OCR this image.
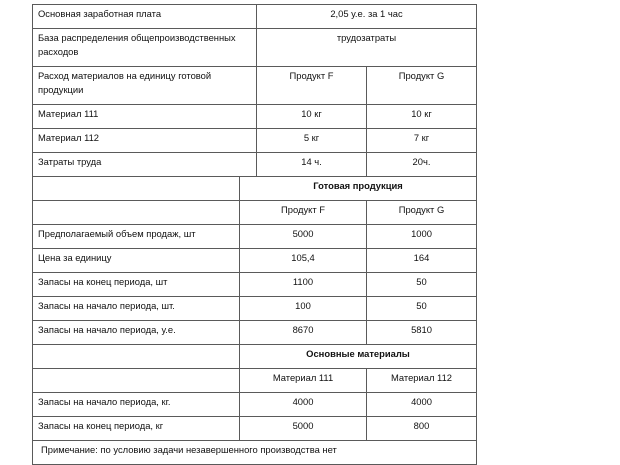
Основная заработная плата		2,05 у.е. за 1 час	
База распределения общепроизводственных расходов		трудозатраты	
Расход материалов на единицу готовой продукции		Продукт F	Продукт G
Материал 111		10 кг	10 кг
Материал 112		5 кг	7 кг
Затраты труда		14 ч.	20ч.
	Готовая продукция		
	Продукт F		Продукт G
Предполагаемый объем продаж, шт	5000		1000
Цена за единицу	105,4		164
Запасы на конец периода, шт	1100		50
Запасы на начало периода, шт.	100		50
Запасы на начало периода, у.е.	8670		5810
	Основные материалы		
	Материал 111		Материал 112
Запасы на начало периода, кг.	4000		4000
Запасы на конец периода, кг	5000		800
Примечание: по условию задачи незавершенного производства нет			
